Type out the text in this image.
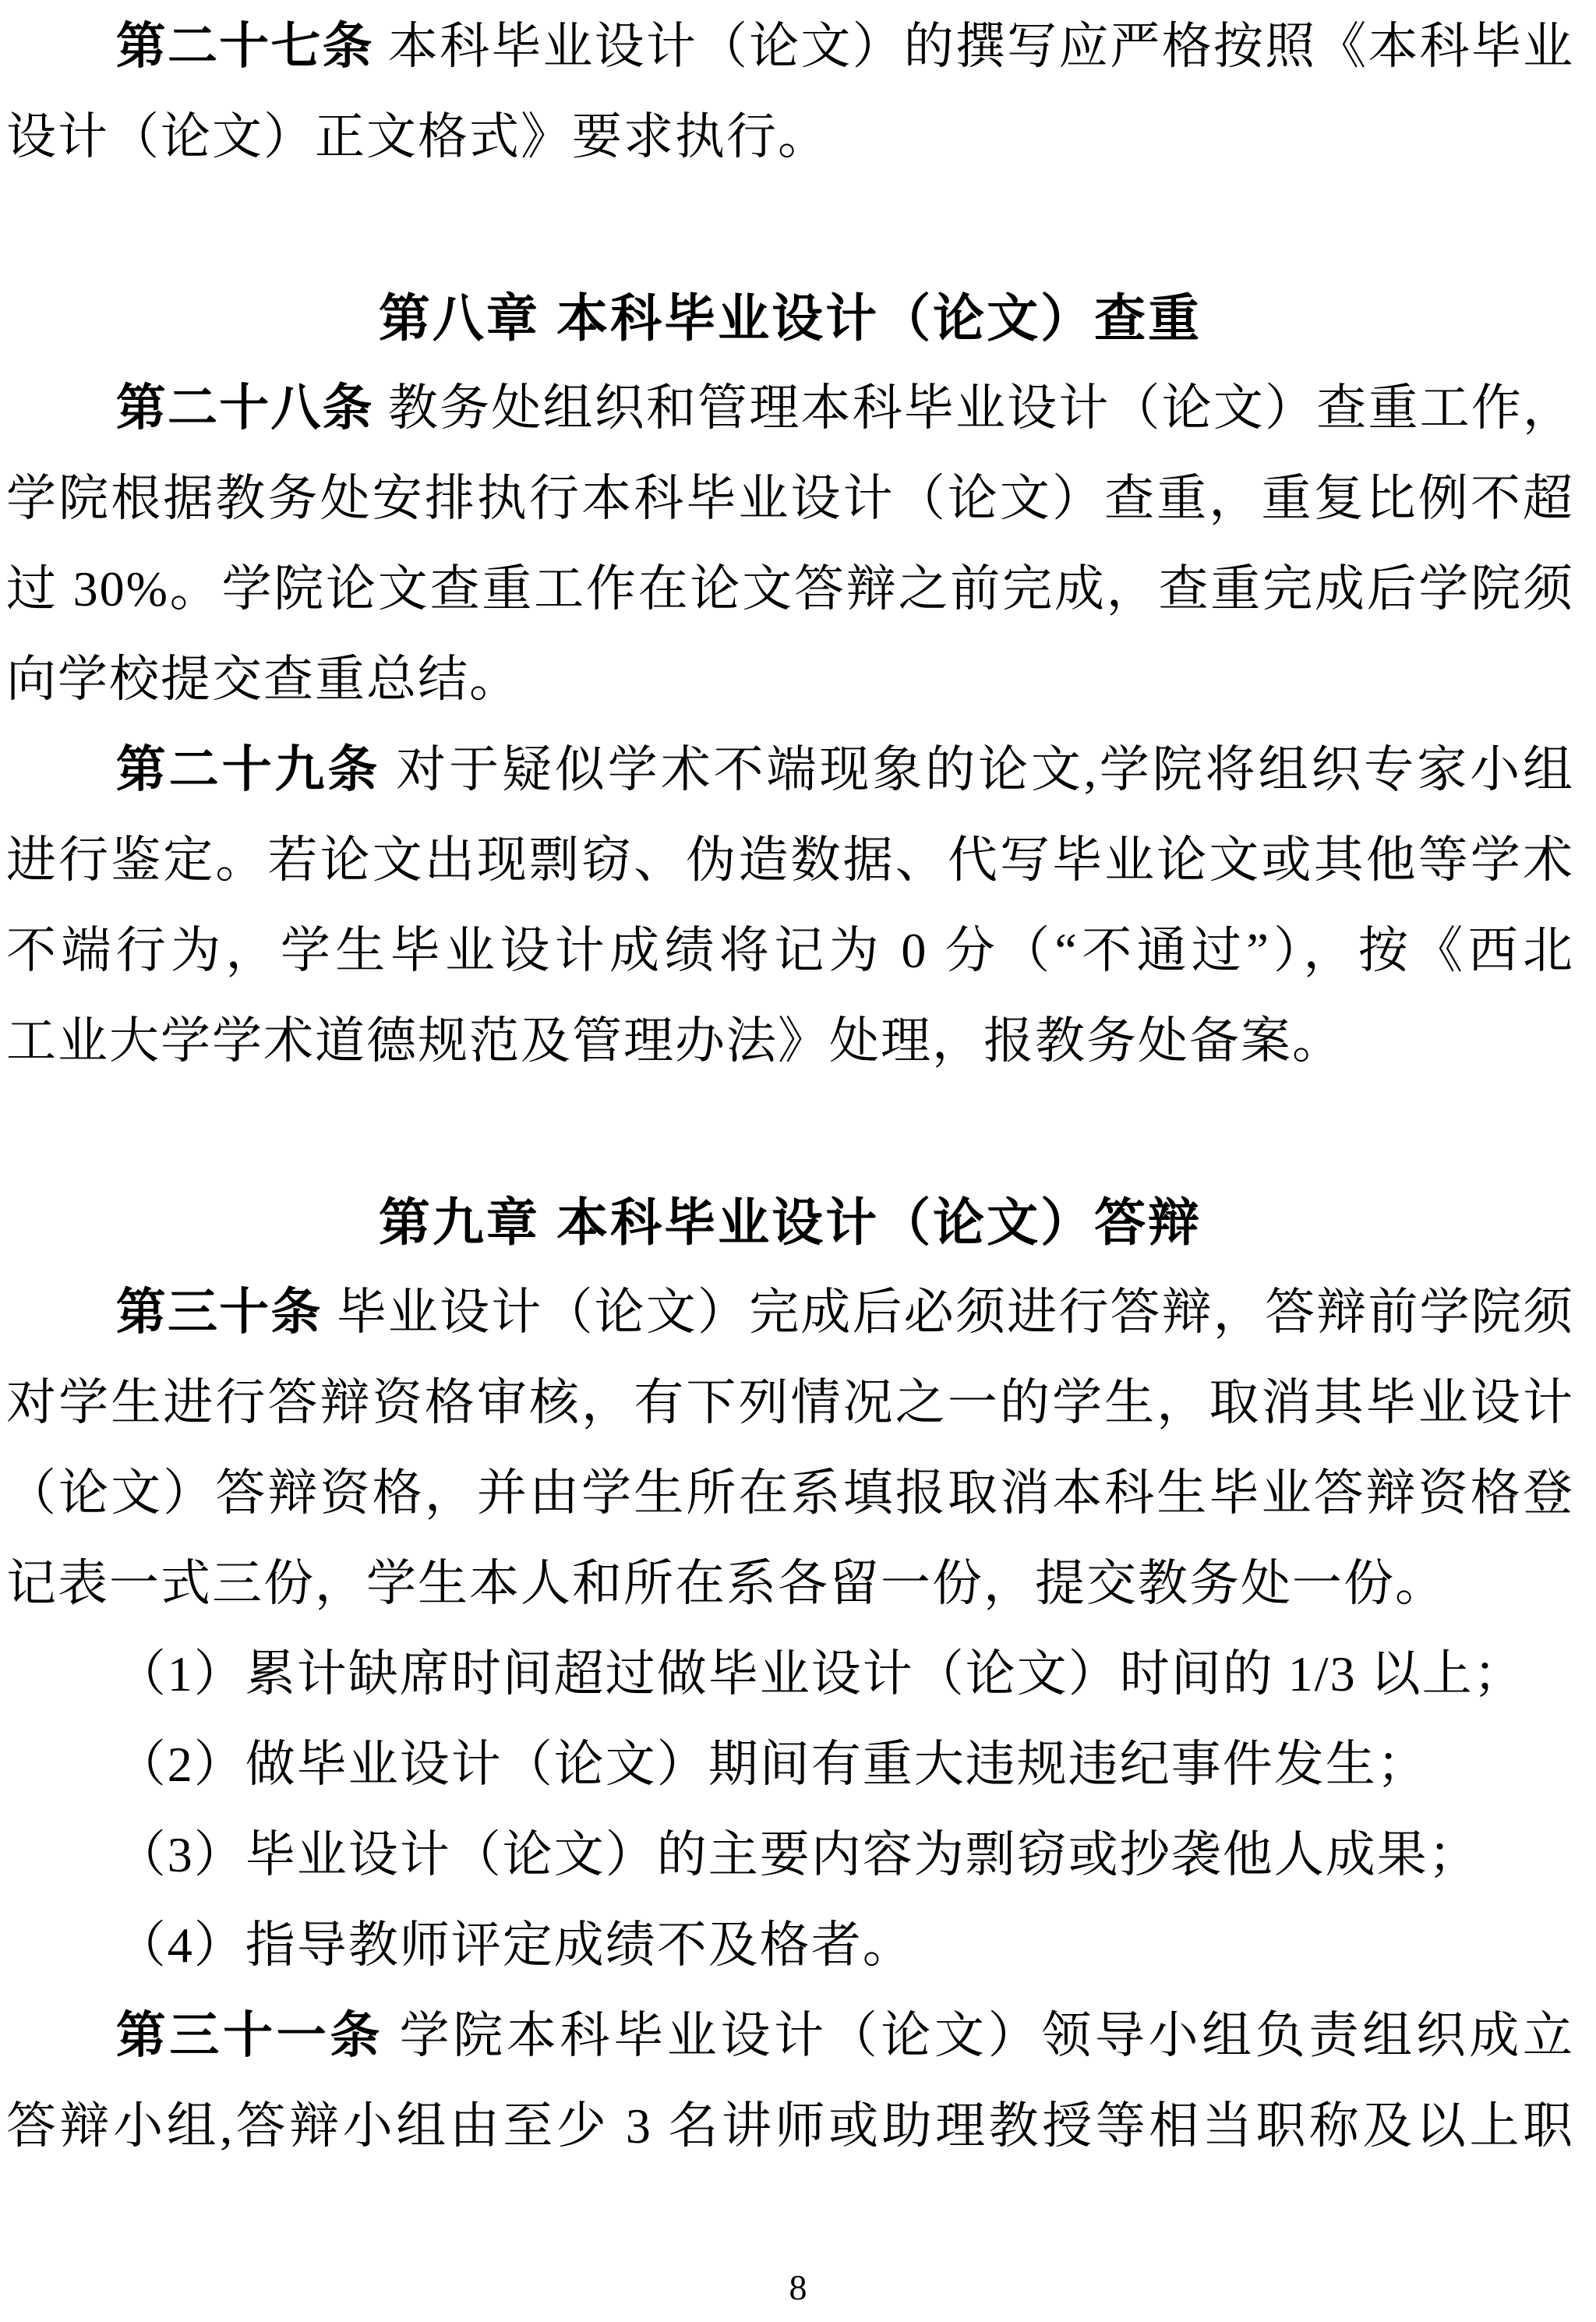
第二十七条 本科毕业设计（论文）的撰写应严格按照《本科毕业
设计（论文）正文格式》要求执行。
第八章 本科毕业设计（论文）查重
第二十八条 教务处组织和管理本科毕业设计（论文）查重工作，
学院根据教务处安排执行本科毕业设计（论文）查重，重复比例不超
过 30%。学院论文查重工作在论文答辩之前完成，查重完成后学院须
向学校提交查重总结。
第二十九条 对于疑似学术不端现象的论文,学院将组织专家小组
进行鉴定。若论文出现剽窃、伪造数据、代写毕业论文或其他等学术
不端行为，学生毕业设计成绩将记为 0 分（“不通过”），按《西北
工业大学学术道德规范及管理办法》处理，报教务处备案。
第九章 本科毕业设计（论文）答辩
第三十条 毕业设计（论文）完成后必须进行答辩，答辩前学院须
对学生进行答辩资格审核，有下列情况之一的学生，取消其毕业设计
（论文）答辩资格，并由学生所在系填报取消本科生毕业答辩资格登
记表一式三份，学生本人和所在系各留一份，提交教务处一份。
（1）累计缺席时间超过做毕业设计（论文）时间的 1/3 以上；
（2）做毕业设计（论文）期间有重大违规违纪事件发生；
（3）毕业设计（论文）的主要内容为剽窃或抄袭他人成果；
（4）指导教师评定成绩不及格者。
第三十一条 学院本科毕业设计（论文）领导小组负责组织成立
答辩小组,答辩小组由至少 3 名讲师或助理教授等相当职称及以上职
8
